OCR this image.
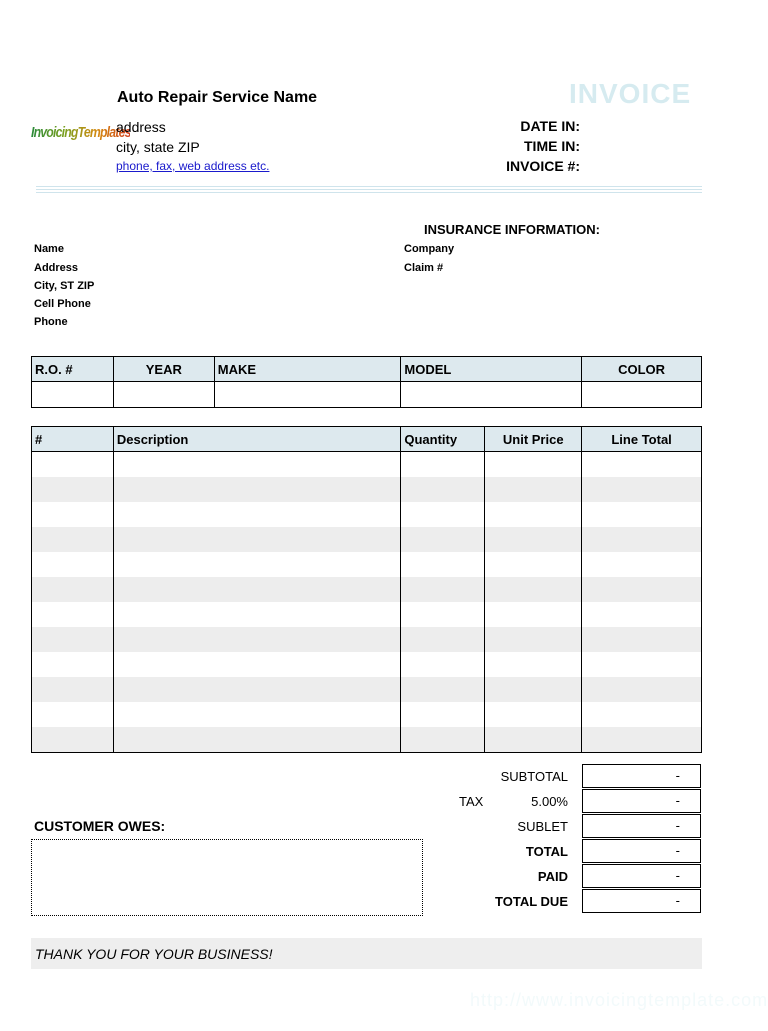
Auto Repair Service Name
InvoicingTemplates
address
city, state ZIP
phone, fax, web address etc.
INVOICE
DATE IN:
TIME IN:
INVOICE #:
Name
Address
City, ST ZIP
Cell Phone
Phone
INSURANCE INFORMATION:
Company
Claim #
R.O. #	YEAR	MAKE	MODEL	COLOR

#	Description	Quantity	Unit Price	Line Total

SUBTOTAL	-
TAX	5.00%	-
SUBLET	-
TOTAL	-
PAID	-
TOTAL DUE	-
CUSTOMER OWES:
THANK YOU FOR YOUR BUSINESS!
http://www.invoicingtemplate.com
